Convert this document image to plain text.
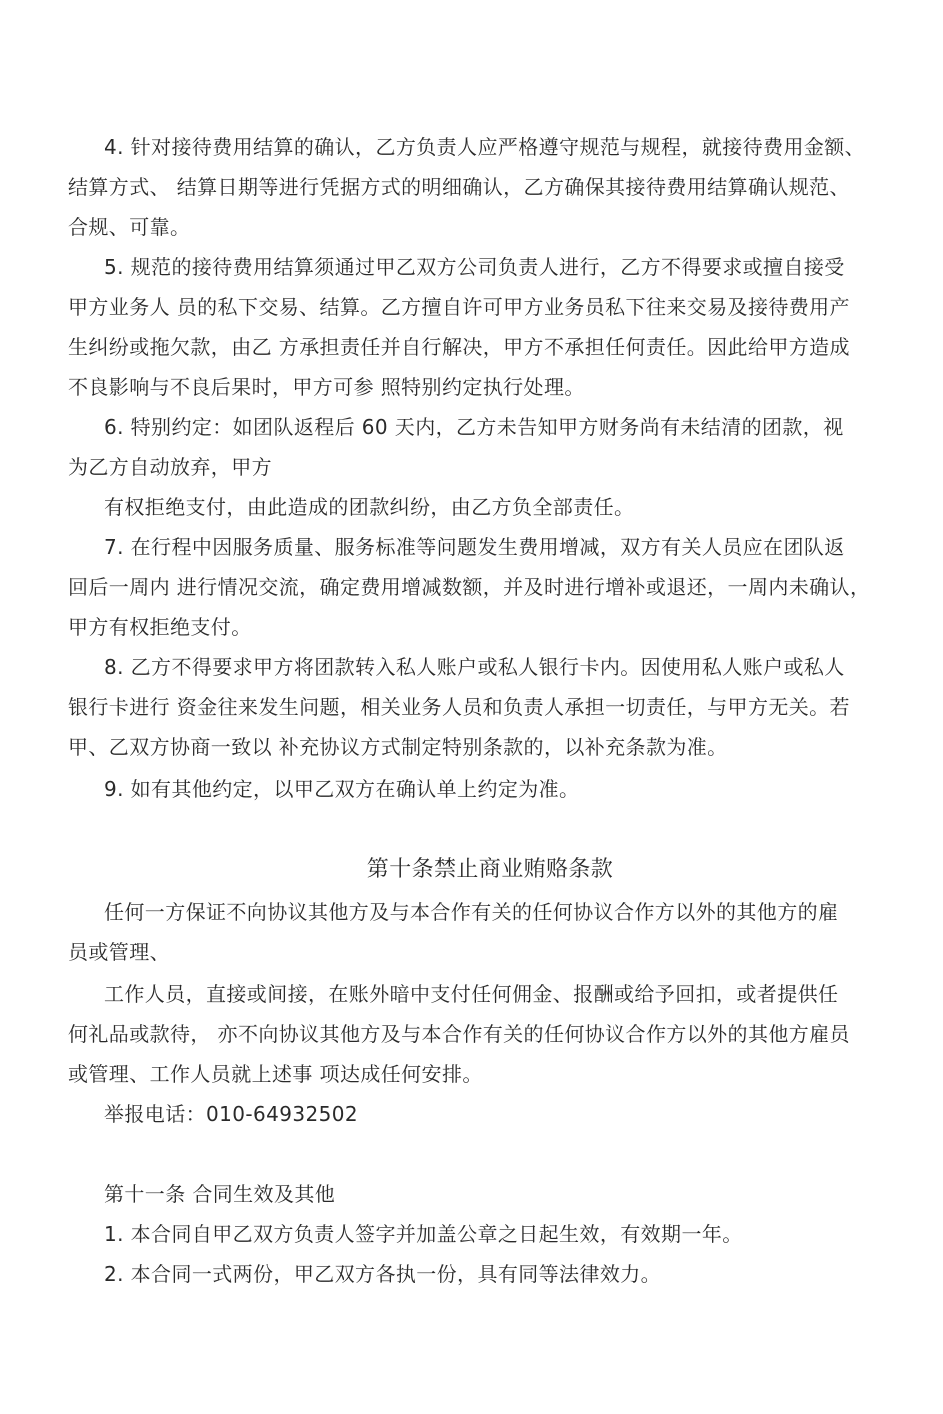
4. 针对接待费用结算的确认，乙方负责人应严格遵守规范与规程，就接待费用金额、
结算方式、 结算日期等进行凭据方式的明细确认，乙方确保其接待费用结算确认规范、
合规、可靠。
5. 规范的接待费用结算须通过甲乙双方公司负责人进行，乙方不得要求或擅自接受
甲方业务人 员的私下交易、结算。乙方擅自许可甲方业务员私下往来交易及接待费用产
生纠纷或拖欠款，由乙 方承担责任并自行解决，甲方不承担任何责任。因此给甲方造成
不良影响与不良后果时，甲方可参 照特别约定执行处理。
6. 特别约定：如团队返程后 60 天内，乙方未告知甲方财务尚有未结清的团款，视
为乙方自动放弃，甲方
有权拒绝支付，由此造成的团款纠纷，由乙方负全部责任。
7. 在行程中因服务质量、服务标准等问题发生费用增减，双方有关人员应在团队返
回后一周内 进行情况交流，确定费用增减数额，并及时进行增补或退还，一周内未确认，
甲方有权拒绝支付。
8. 乙方不得要求甲方将团款转入私人账户或私人银行卡内。因使用私人账户或私人
银行卡进行 资金往来发生问题，相关业务人员和负责人承担一切责任，与甲方无关。若
甲、乙双方协商一致以 补充协议方式制定特别条款的，以补充条款为准。
9. 如有其他约定，以甲乙双方在确认单上约定为准。
第十条禁止商业贿赂条款
任何一方保证不向协议其他方及与本合作有关的任何协议合作方以外的其他方的雇
员或管理、
工作人员，直接或间接，在账外暗中支付任何佣金、报酬或给予回扣，或者提供任
何礼品或款待， 亦不向协议其他方及与本合作有关的任何协议合作方以外的其他方雇员
或管理、工作人员就上述事 项达成任何安排。
举报电话：010-64932502
第十一条 合同生效及其他
1. 本合同自甲乙双方负责人签字并加盖公章之日起生效，有效期一年。
2. 本合同一式两份，甲乙双方各执一份，具有同等法律效力。
